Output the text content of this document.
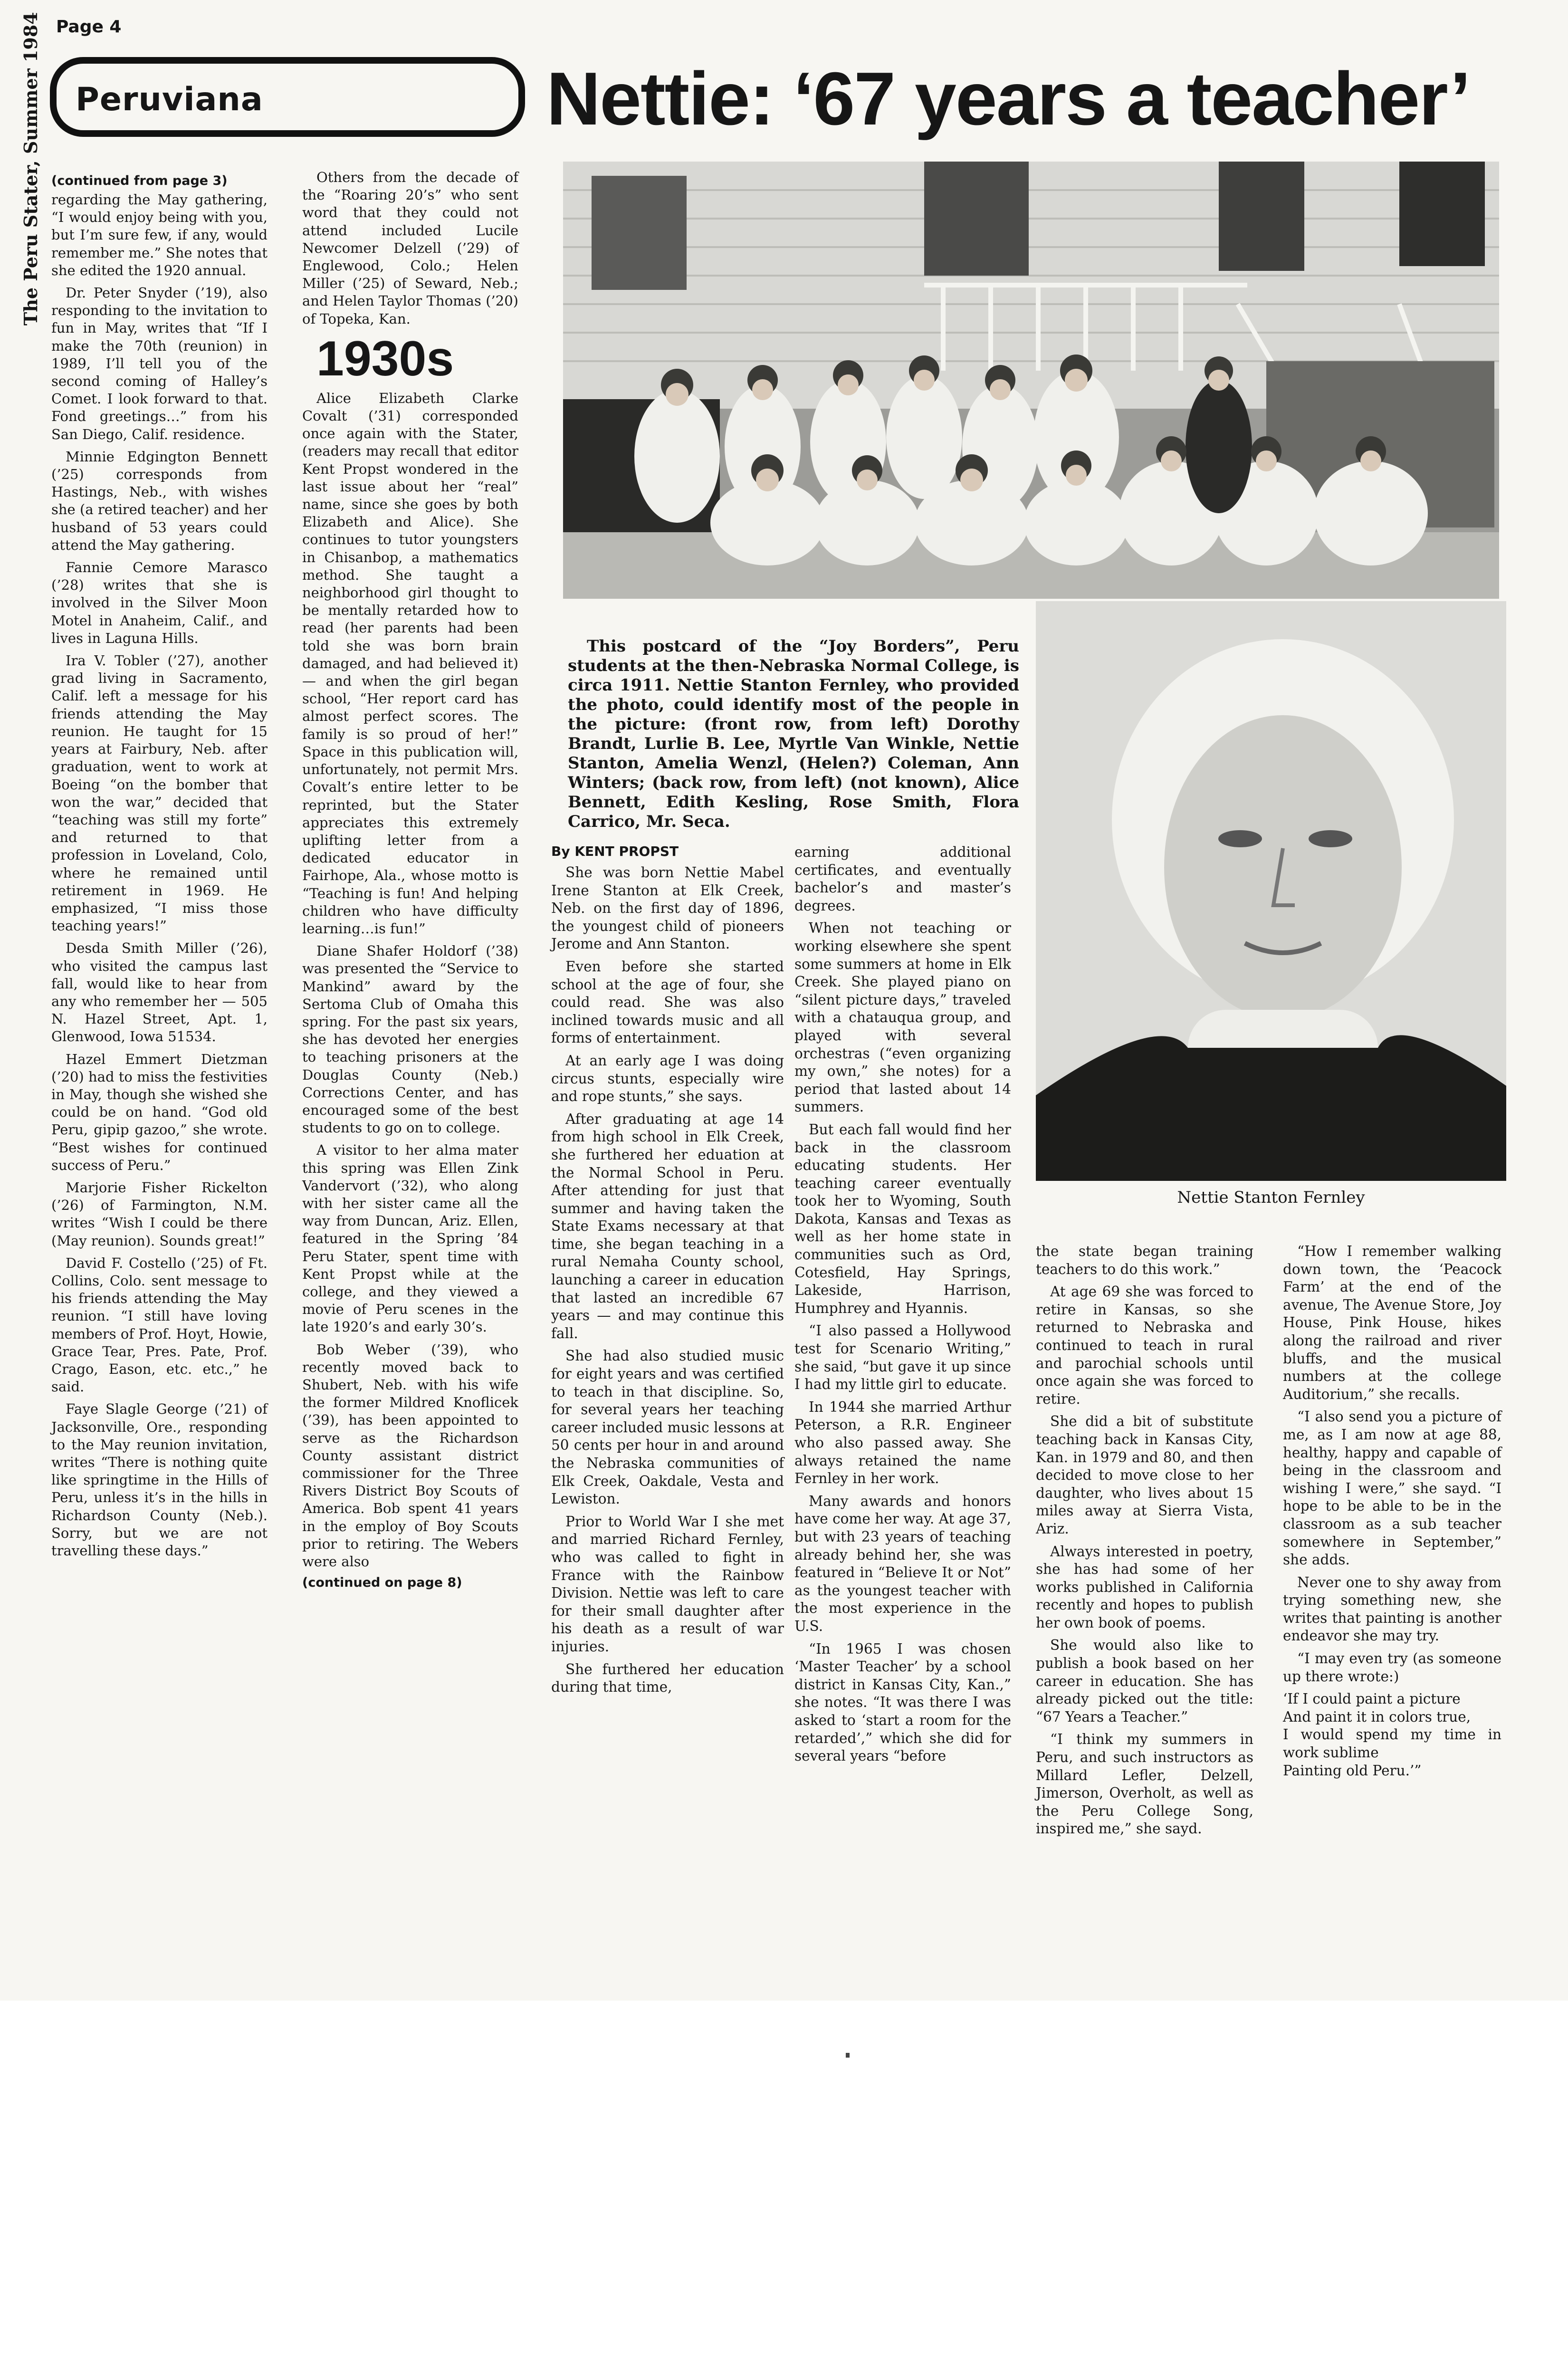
Page 4
The Peru Stater, Summer 1984 Peruviana	Nettie: ‘67 years a teacher’

(continued from page 3)

regarding the May gathering, “I would enjoy being with you, but I’m sure few, if any, would remember me.” She notes that she edited the 1920 annual.

Dr. Peter Snyder (’19), also responding to the invitation to fun in May, writes that “If I make the 70th (reunion) in 1989, I’ll tell you of the second coming of Halley’s Comet. I look forward to that. Fond greetings…” from his San Diego, Calif. residence.

Minnie Edgington Bennett (’25) corresponds from Hastings, Neb., with wishes she (a retired teacher) and her husband of 53 years could attend the May gathering.

Fannie Cemore Marasco (’28) writes that she is involved in the Silver Moon Motel in Anaheim, Calif., and lives in Laguna Hills.

Ira V. Tobler (’27), another grad living in Sacramento, Calif. left a message for his friends attending the May reunion. He taught for 15 years at Fairbury, Neb. after graduation, went to work at Boeing “on the bomber that won the war,” decided that “teaching was still my forte” and returned to that profession in Loveland, Colo, where he remained until retirement in 1969. He emphasized, “I miss those teaching years!”

Desda Smith Miller (’26), who visited the campus last fall, would like to hear from any who remember her — 505 N. Hazel Street, Apt. 1, Glenwood, Iowa 51534.

Hazel Emmert Dietzman (’20) had to miss the festivities in May, though she wished she could be on hand. “God old Peru, gipip gazoo,” she wrote. “Best wishes for continued success of Peru.”

Marjorie Fisher Rickelton (’26) of Farmington, N.M. writes “Wish I could be there (May reunion). Sounds great!”

David F. Costello (’25) of Ft. Collins, Colo. sent message to his friends attending the May reunion. “I still have loving members of Prof. Hoyt, Howie, Grace Tear, Pres. Pate, Prof. Crago, Eason, etc. etc.,” he said.

Faye Slagle George (’21) of Jacksonville, Ore., responding to the May reunion invitation, writes “There is nothing quite like springtime in the Hills of Peru, unless it’s in the hills in Richardson County (Neb.). Sorry, but we are not travelling these days.”

Others from the decade of the “Roaring 20’s” who sent word that they could not attend included Lucile Newcomer Delzell (’29) of Englewood, Colo.; Helen Miller (’25) of Seward, Neb.; and Helen Taylor Thomas (’20) of Topeka, Kan.

1930s

Alice Elizabeth Clarke Covalt (’31) corresponded once again with the Stater, (readers may recall that editor Kent Propst wondered in the last issue about her “real” name, since she goes by both Elizabeth and Alice). She continues to tutor youngsters in Chisanbop, a mathematics method. She taught a neighborhood girl thought to be mentally retarded how to read (her parents had been told she was born brain damaged, and had believed it) — and when the girl began school, “Her report card has almost perfect scores. The family is so proud of her!” Space in this publication will, unfortunately, not permit Mrs. Covalt’s entire letter to be reprinted, but the Stater appreciates this extremely uplifting letter from a dedicated educator in Fairhope, Ala., whose motto is “Teaching is fun! And helping children who have difficulty learning…is fun!”

Diane Shafer Holdorf (’38) was presented the “Service to Mankind” award by the Sertoma Club of Omaha this spring. For the past six years, she has devoted her energies to teaching prisoners at the Douglas County (Neb.) Corrections Center, and has encouraged some of the best students to go on to college.

A visitor to her alma mater this spring was Ellen Zink Vandervort (’32), who along with her sister came all the way from Duncan, Ariz. Ellen, featured in the Spring ’84 Peru Stater, spent time with Kent Propst while at the college, and they viewed a movie of Peru scenes in the late 1920’s and early 30’s.

Bob Weber (’39), who recently moved back to Shubert, Neb. with his wife the former Mildred Knoflicek (’39), has been appointed to serve as the Richardson County assistant district commissioner for the Three Rivers District Boy Scouts of America. Bob spent 41 years in the employ of Boy Scouts prior to retiring. The Webers were also

(continued on page 8)

This postcard of the “Joy Borders”, Peru students at the then-Nebraska Normal College, is circa 1911. Nettie Stanton Fernley, who provided the photo, could identify most of the people in the picture: (front row, from left) Dorothy Brandt, Lurlie B. Lee, Myrtle Van Winkle, Nettie Stanton, Amelia Wenzl, (Helen?) Coleman, Ann Winters; (back row, from left) (not known), Alice Bennett, Edith Kesling, Rose Smith, Flora Carrico, Mr. Seca.
Nettie Stanton Fernley

By KENT PROPST

She was born Nettie Mabel Irene Stanton at Elk Creek, Neb. on the first day of 1896, the youngest child of pioneers Jerome and Ann Stanton.

Even before she started school at the age of four, she could read. She was also inclined towards music and all forms of entertainment.

At an early age I was doing circus stunts, especially wire and rope stunts,” she says.

After graduating at age 14 from high school in Elk Creek, she furthered her eduation at the Normal School in Peru. After attending for just that summer and having taken the State Exams necessary at that time, she began teaching in a rural Nemaha County school, launching a career in education that lasted an incredible 67 years — and may continue this fall.

She had also studied music for eight years and was certified to teach in that discipline. So, for several years her teaching career included music lessons at 50 cents per hour in and around the Nebraska communities of Elk Creek, Oakdale, Vesta and Lewiston.

Prior to World War I she met and married Richard Fernley, who was called to fight in France with the Rainbow Division. Nettie was left to care for their small daughter after his death as a result of war injuries.

She furthered her education during that time,

earning additional certificates, and eventually bachelor’s and master’s degrees.

When not teaching or working elsewhere she spent some summers at home in Elk Creek. She played piano on “silent picture days,” traveled with a chatauqua group, and played with several orchestras (“even organizing my own,” she notes) for a period that lasted about 14 summers.

But each fall would find her back in the classroom educating students. Her teaching career eventually took her to Wyoming, South Dakota, Kansas and Texas as well as her home state in communities such as Ord, Cotesfield, Hay Springs, Lakeside, Harrison, Humphrey and Hyannis.

“I also passed a Hollywood test for Scenario Writing,” she said, “but gave it up since I had my little girl to educate.

In 1944 she married Arthur Peterson, a R.R. Engineer who also passed away. She always retained the name Fernley in her work.

Many awards and honors have come her way. At age 37, but with 23 years of teaching already behind her, she was featured in “Believe It or Not” as the youngest teacher with the most experience in the U.S.

“In 1965 I was chosen ‘Master Teacher’ by a school district in Kansas City, Kan.,” she notes. “It was there I was asked to ‘start a room for the retarded’,” which she did for several years “before

the state began training teachers to do this work.”

At age 69 she was forced to retire in Kansas, so she returned to Nebraska and continued to teach in rural and parochial schools until once again she was forced to retire.

She did a bit of substitute teaching back in Kansas City, Kan. in 1979 and 80, and then decided to move close to her daughter, who lives about 15 miles away at Sierra Vista, Ariz.

Always interested in poetry, she has had some of her works published in California recently and hopes to publish her own book of poems.

She would also like to publish a book based on her career in education. She has already picked out the title: “67 Years a Teacher.”

“I think my summers in Peru, and such instructors as Millard Lefler, Delzell, Jimerson, Overholt, as well as the Peru College Song, inspired me,” she sayd.

“How I remember walking down town, the ‘Peacock Farm’ at the end of the avenue, The Avenue Store, Joy House, Pink House, hikes along the railroad and river bluffs, and the musical numbers at the college Auditorium,” she recalls.

“I also send you a picture of me, as I am now at age 88, healthy, happy and capable of being in the classroom and wishing I were,” she sayd. “I hope to be able to be in the classroom as a sub teacher somewhere in September,” she adds.

Never one to shy away from trying something new, she writes that painting is another endeavor she may try.

“I may even try (as someone up there wrote:)

‘If I could paint a picture

And paint it in colors true,

I would spend my time in work sublime

Painting old Peru.’”
